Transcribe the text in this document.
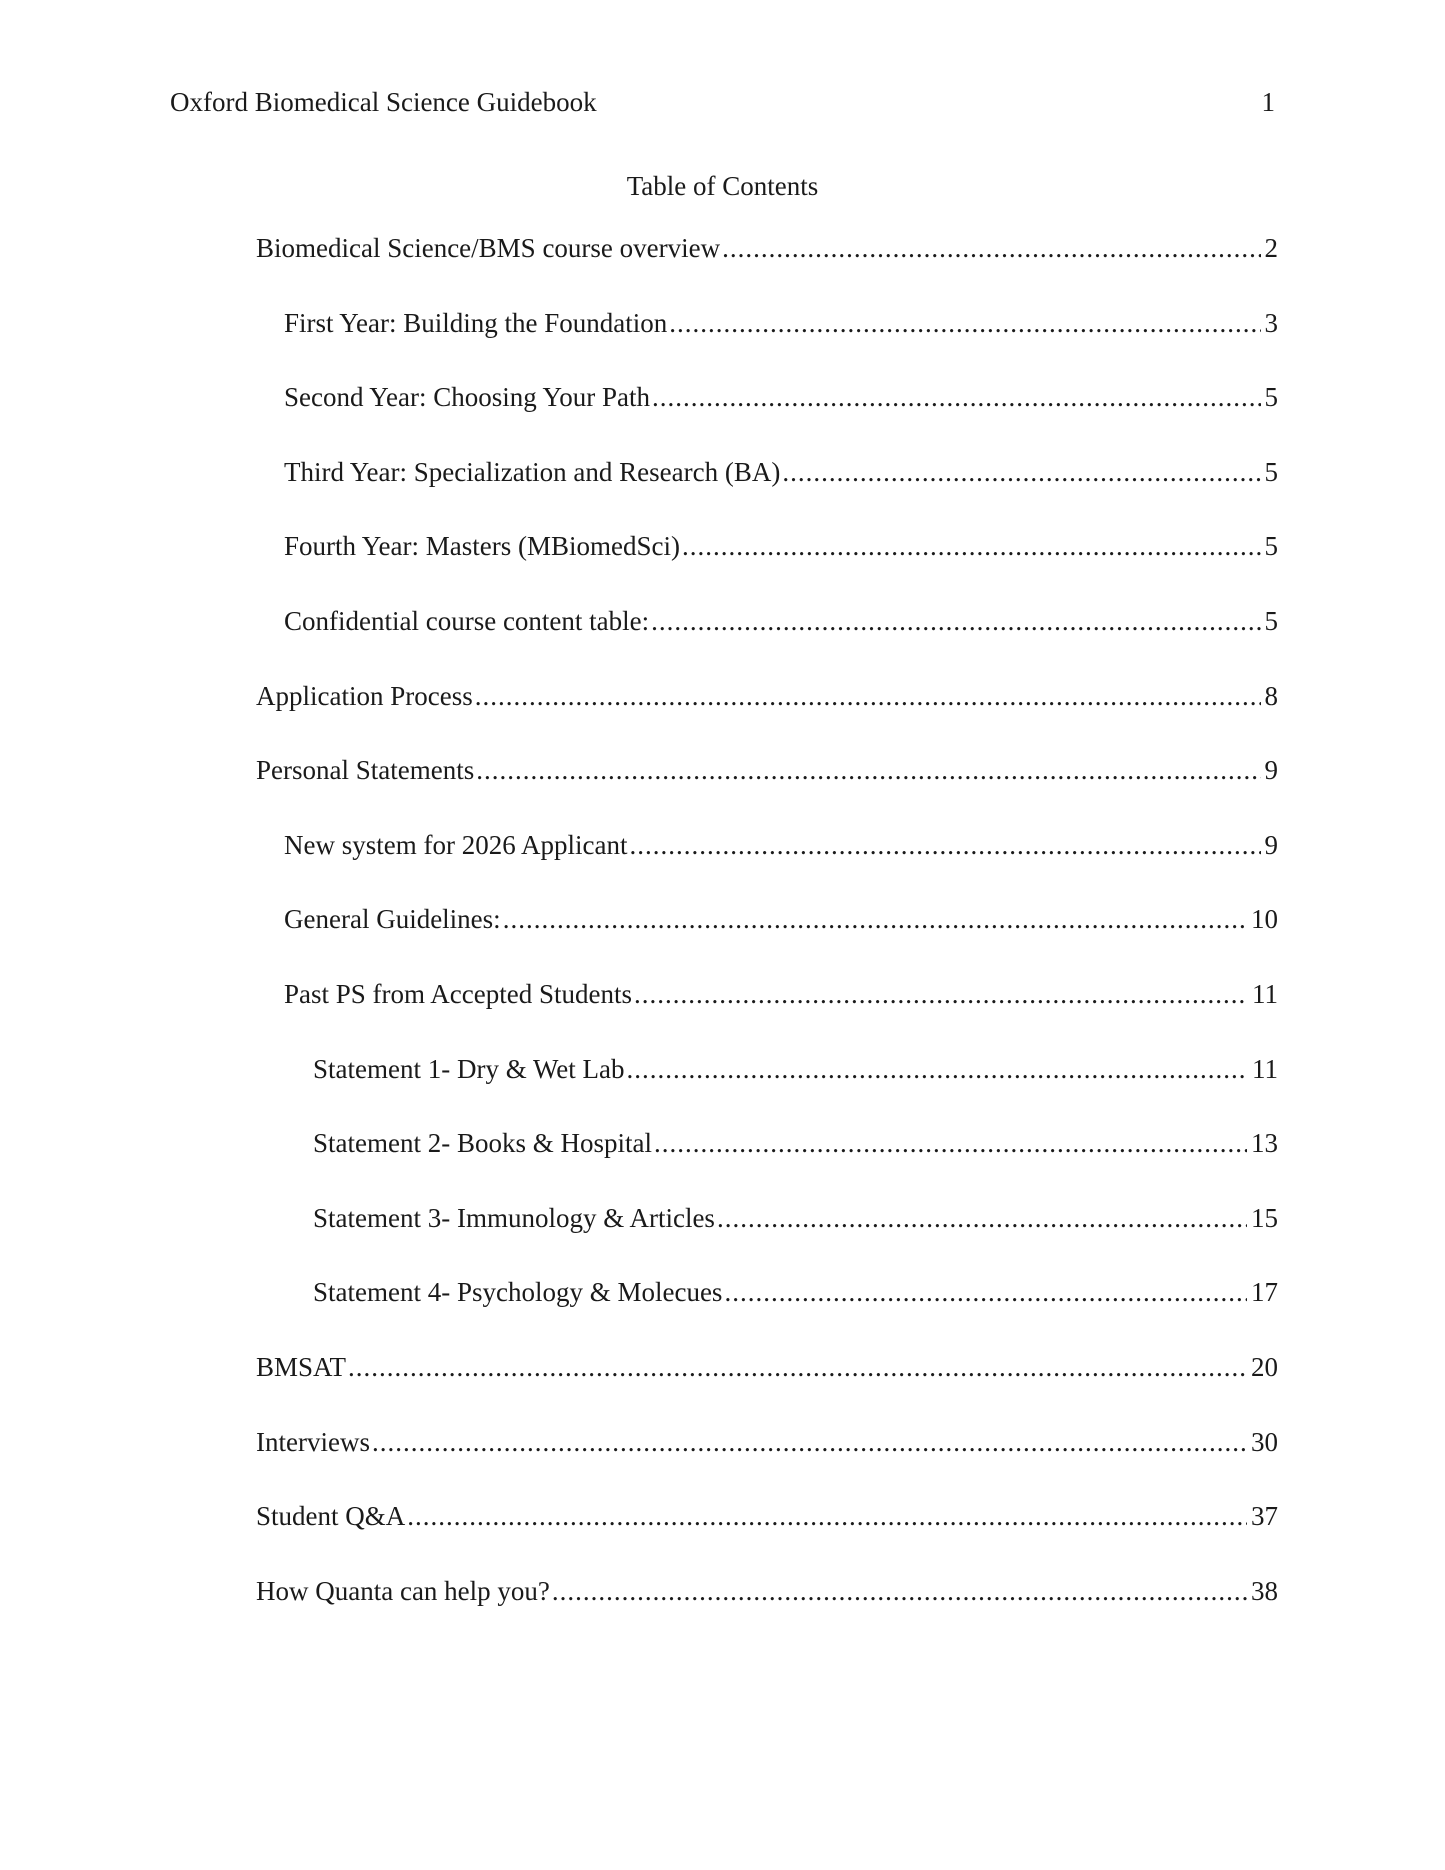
Oxford Biomedical Science Guidebook	1
Table of Contents
Biomedical Science/BMS course overview .....	2
First Year: Building the Foundation .....	3
Second Year: Choosing Your Path .....	5
Third Year: Specialization and Research (BA) .....	5
Fourth Year: Masters (MBiomedSci) .....	5
Confidential course content table: .....	5
Application Process .....	8
Personal Statements .....	9
New system for 2026 Applicant .....	9
General Guidelines: .....	10
Past PS from Accepted Students .....	11
Statement 1- Dry & Wet Lab .....	11
Statement 2- Books & Hospital .....	13
Statement 3- Immunology & Articles .....	15
Statement 4- Psychology & Molecues .....	17
BMSAT .....	20
Interviews .....	30
Student Q&A .....	37
How Quanta can help you? .....	38
